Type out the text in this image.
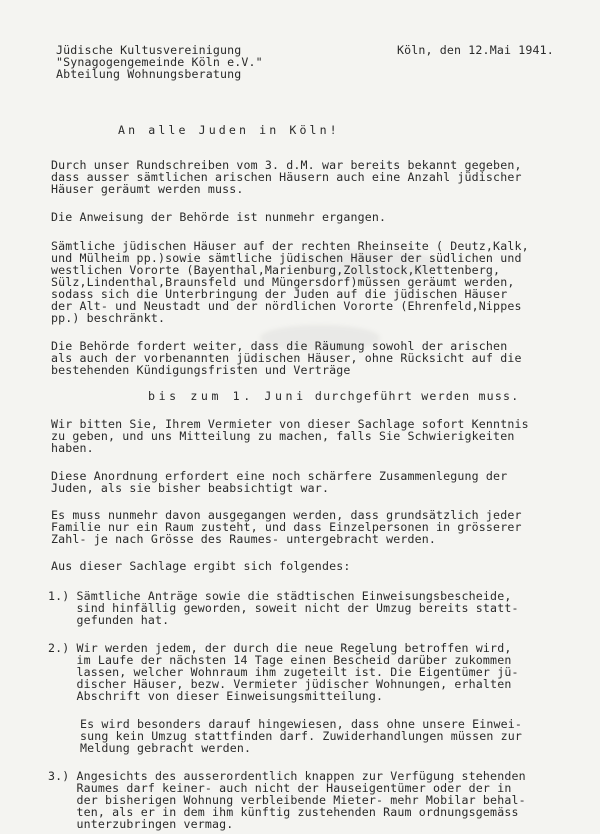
Jüdische Kultusvereinigung
"Synagogengemeinde Köln e.V."
Abteilung Wohnungsberatung
Köln, den 12.Mai 1941.
An alle Juden in Köln!
Durch unser Rundschreiben vom 3. d.M. war bereits bekannt gegeben,
dass ausser sämtlichen arischen Häusern auch eine Anzahl jüdischer
Häuser geräumt werden muss.
Die Anweisung der Behörde ist nunmehr ergangen.
Sämtliche jüdischen Häuser auf der rechten Rheinseite ( Deutz,Kalk,
und Mülheim pp.)sowie sämtliche jüdischen Häuser der südlichen und
westlichen Vororte (Bayenthal,Marienburg,Zollstock,Klettenberg,
Sülz,Lindenthal,Braunsfeld und Müngersdorf)müssen geräumt werden,
sodass sich die Unterbringung der Juden auf die jüdischen Häuser
der Alt- und Neustadt und der nördlichen Vororte (Ehrenfeld,Nippes
pp.) beschränkt.
Die Behörde fordert weiter, dass die Räumung sowohl der arischen
als auch der vorbenannten jüdischen Häuser, ohne Rücksicht auf die
bestehenden Kündigungsfristen und Verträge
bis zum 1. Juni durchgeführt werden muss.
Wir bitten Sie, Ihrem Vermieter von dieser Sachlage sofort Kenntnis
zu geben, und uns Mitteilung zu machen, falls Sie Schwierigkeiten
haben.
Diese Anordnung erfordert eine noch schärfere Zusammenlegung der
Juden, als sie bisher beabsichtigt war.
Es muss nunmehr davon ausgegangen werden, dass grundsätzlich jeder
Familie nur ein Raum zusteht, und dass Einzelpersonen in grösserer
Zahl- je nach Grösse des Raumes- untergebracht werden.
Aus dieser Sachlage ergibt sich folgendes:
1.) Sämtliche Anträge sowie die städtischen Einweisungsbescheide,
sind hinfällig geworden, soweit nicht der Umzug bereits statt-
gefunden hat.
2.) Wir werden jedem, der durch die neue Regelung betroffen wird,
im Laufe der nächsten 14 Tage einen Bescheid darüber zukommen
lassen, welcher Wohnraum ihm zugeteilt ist. Die Eigentümer jü-
discher Häuser, bezw. Vermieter jüdischer Wohnungen, erhalten
Abschrift von dieser Einweisungsmitteilung.
Es wird besonders darauf hingewiesen, dass ohne unsere Einwei-
sung kein Umzug stattfinden darf. Zuwiderhandlungen müssen zur
Meldung gebracht werden.
3.) Angesichts des ausserordentlich knappen zur Verfügung stehenden
Raumes darf keiner- auch nicht der Hauseigentümer oder der in
der bisherigen Wohnung verbleibende Mieter- mehr Mobilar behal-
ten, als er in dem ihm künftig zustehenden Raum ordnungsgemäss
unterzubringen vermag.
